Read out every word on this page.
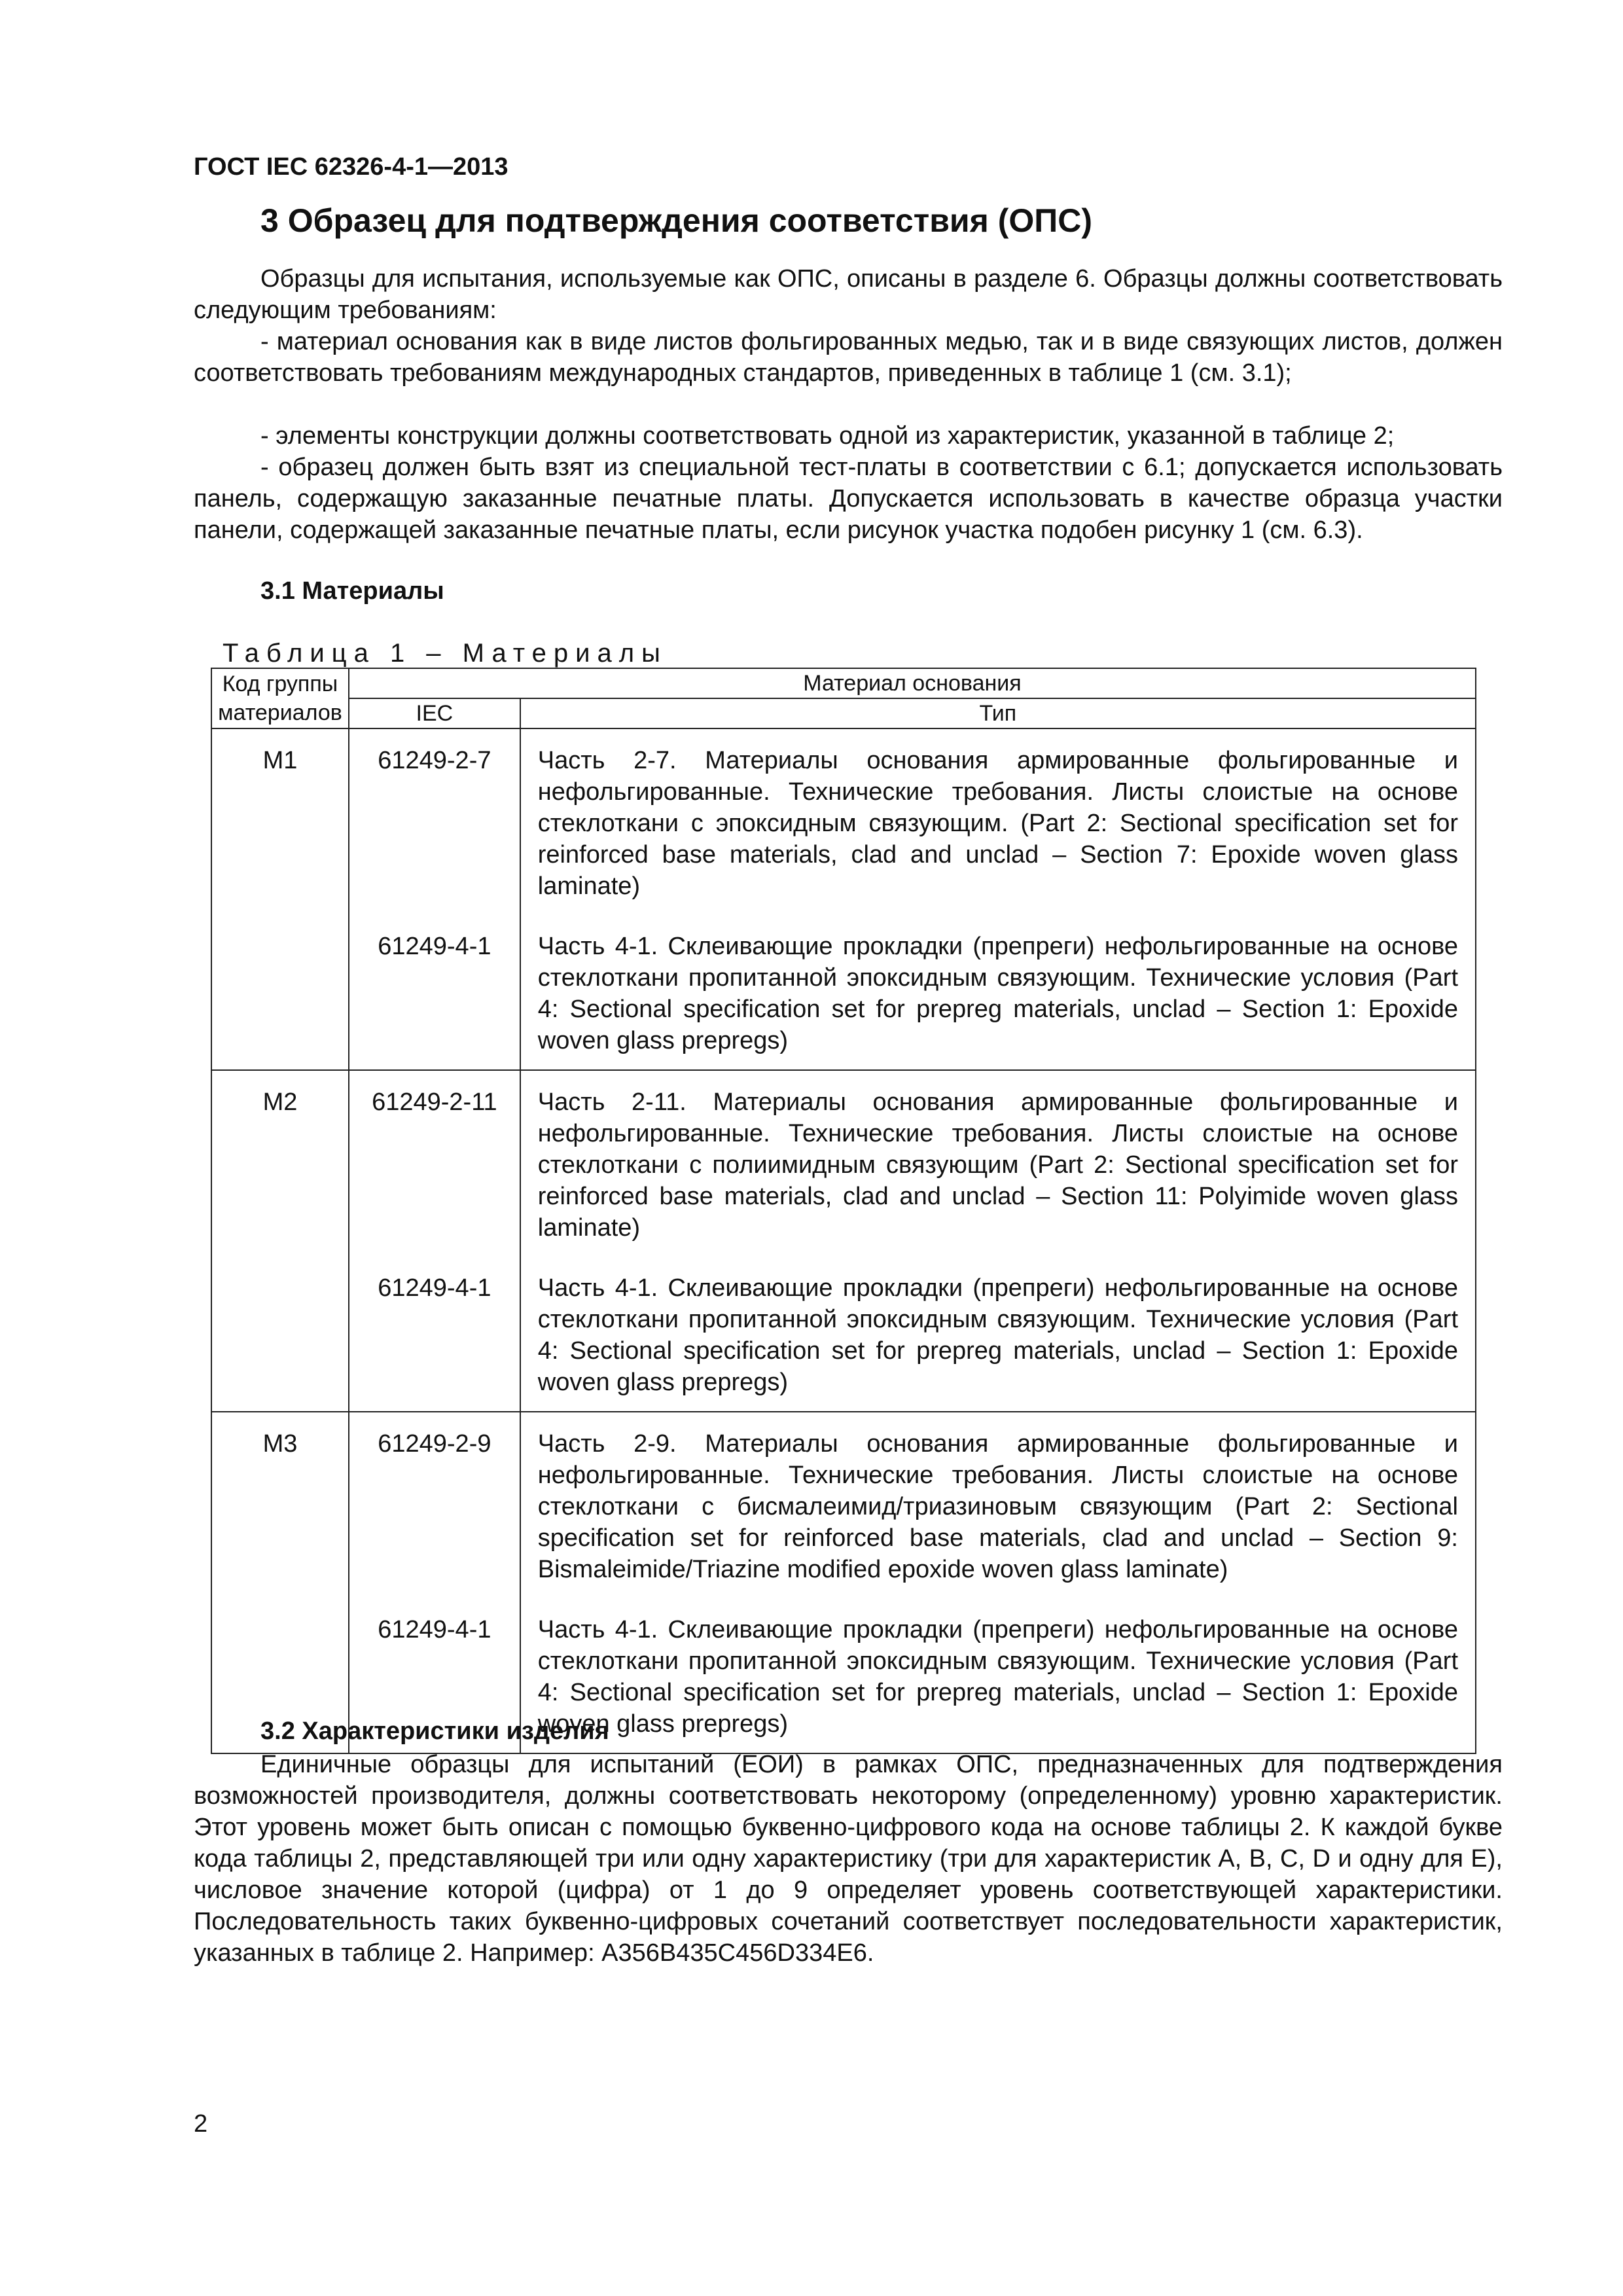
ГОСТ IEC 62326-4-1—2013
3 Образец для подтверждения соответствия (ОПС)
Образцы для испытания, используемые как ОПС, описаны в разделе 6. Образцы должны соответствовать следующим требованиям:
- материал основания как в виде листов фольгированных медью, так и в виде связующих листов, должен соответствовать требованиям международных стандартов, приведенных в таблице 1 (см. 3.1);
- элементы конструкции должны соответствовать одной из характеристик, указанной в таблице 2;
- образец должен быть взят из специальной тест-платы в соответствии с 6.1; допускается использовать панель, содержащую заказанные печатные платы. Допускается использовать в качестве образца участки панели, содержащей заказанные печатные платы, если рисунок участка подобен рисунку 1 (см. 6.3).
3.1 Материалы
Таблица 1 – Материалы
Код группы материалов	Материал основания	
	IEC	Тип
M1	61249-2-7	Часть 2-7. Материалы основания армированные фольгированные и нефольгированные. Технические требования. Листы слоистые на основе стеклоткани с эпоксидным связующим. (Part 2: Sectional specification set for reinforced base materials, clad and unclad – Section 7: Epoxide woven glass laminate)
	61249-4-1	Часть 4-1. Склеивающие прокладки (препреги) нефольгированные на основе стеклоткани пропитанной эпоксидным связующим. Технические условия (Part 4: Sectional specification set for prepreg materials, unclad – Section 1: Epoxide woven glass prepregs)
M2	61249-2-11	Часть 2-11. Материалы основания армированные фольгированные и нефольгированные. Технические требования. Листы слоистые на основе стеклоткани с полиимидным связующим (Part 2: Sectional specification set for reinforced base materials, clad and unclad – Section 11: Polyimide woven glass laminate)
	61249-4-1	Часть 4-1. Склеивающие прокладки (препреги) нефольгированные на основе стеклоткани пропитанной эпоксидным связующим. Технические условия (Part 4: Sectional specification set for prepreg materials, unclad – Section 1: Epoxide woven glass prepregs)
M3	61249-2-9	Часть 2-9. Материалы основания армированные фольгированные и нефольгированные. Технические требования. Листы слоистые на основе стеклоткани с бисмалеимид/триазиновым связующим (Part 2: Sectional specification set for reinforced base materials, clad and unclad – Section 9: Bismaleimide/Triazine modified epoxide woven glass laminate)
	61249-4-1	Часть 4-1. Склеивающие прокладки (препреги) нефольгированные на основе стеклоткани пропитанной эпоксидным связующим. Технические условия (Part 4: Sectional specification set for prepreg materials, unclad – Section 1: Epoxide woven glass prepregs)
3.2 Характеристики изделия
Единичные образцы для испытаний (ЕОИ) в рамках ОПС, предназначенных для подтверждения возможностей производителя, должны соответствовать некоторому (определенному) уровню характеристик. Этот уровень может быть описан с помощью буквенно-цифрового кода на основе таблицы 2. К каждой букве кода таблицы 2, представляющей три или одну характеристику (три для характеристик A, B, C, D и одну для E), числовое значение которой (цифра) от 1 до 9 определяет уровень соответствующей характеристики. Последовательность таких буквенно-цифровых сочетаний соответствует последовательности характеристик, указанных в таблице 2. Например: A356B435C456D334E6.
2
